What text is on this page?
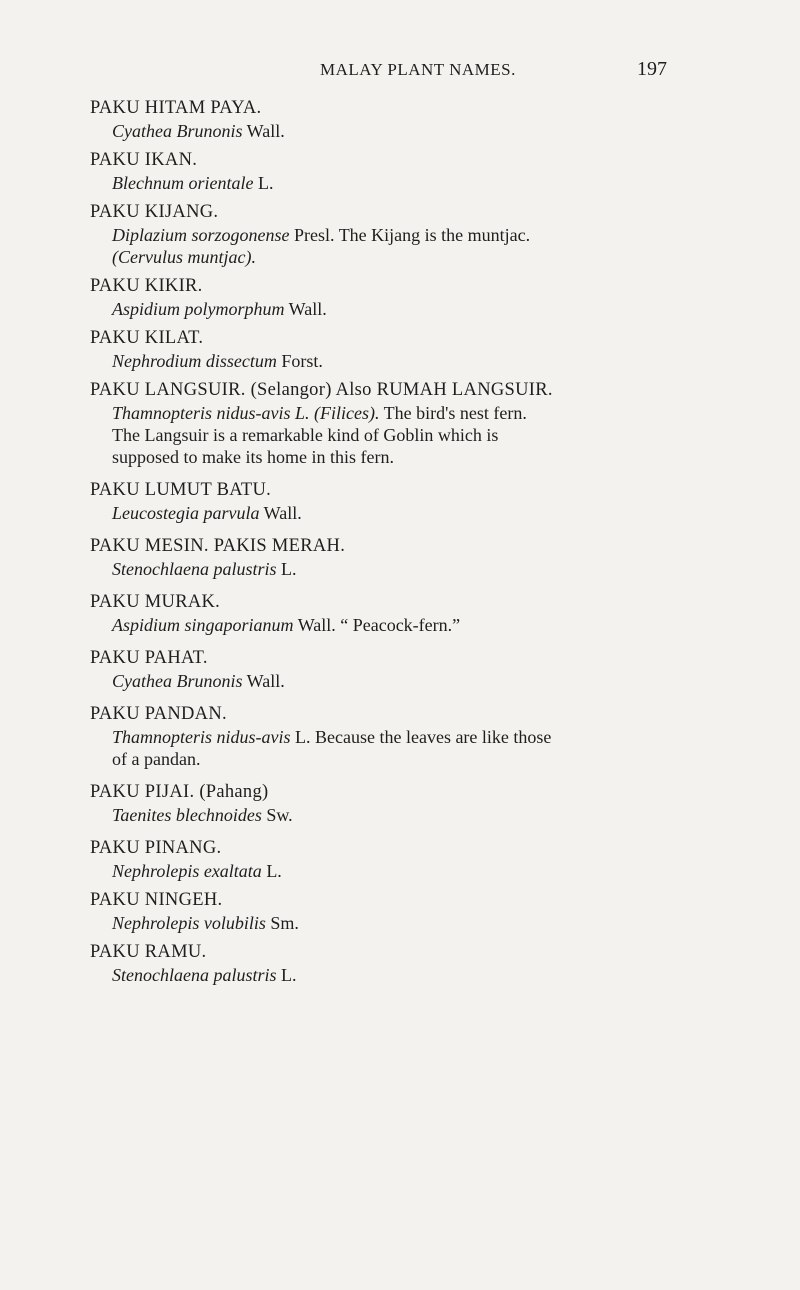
MALAY PLANT NAMES.	197
PAKU HITAM PAYA.
Cyathea Brunonis Wall.
PAKU IKAN.
Blechnum orientale L.
PAKU KIJANG.
Diplazium sorzogonense Presl. The Kijang is the muntjac.
(Cervulus muntjac).
PAKU KIKIR.
Aspidium polymorphum Wall.
PAKU KILAT.
Nephrodium dissectum Forst.
PAKU LANGSUIR. (Selangor) Also RUMAH LANGSUIR.
Thamnopteris nidus-avis L. (Filices). The bird's nest fern.
The Langsuir is a remarkable kind of Goblin which is
supposed to make its home in this fern.
PAKU LUMUT BATU.
Leucostegia parvula Wall.
PAKU MESIN. PAKIS MERAH.
Stenochlaena palustris L.
PAKU MURAK.
Aspidium singaporianum Wall. “ Peacock-fern.”
PAKU PAHAT.
Cyathea Brunonis Wall.
PAKU PANDAN.
Thamnopteris nidus-avis L. Because the leaves are like those
of a pandan.
PAKU PIJAI. (Pahang)
Taenites blechnoides Sw.
PAKU PINANG.
Nephrolepis exaltata L.
PAKU NINGEH.
Nephrolepis volubilis Sm.
PAKU RAMU.
Stenochlaena palustris L.
